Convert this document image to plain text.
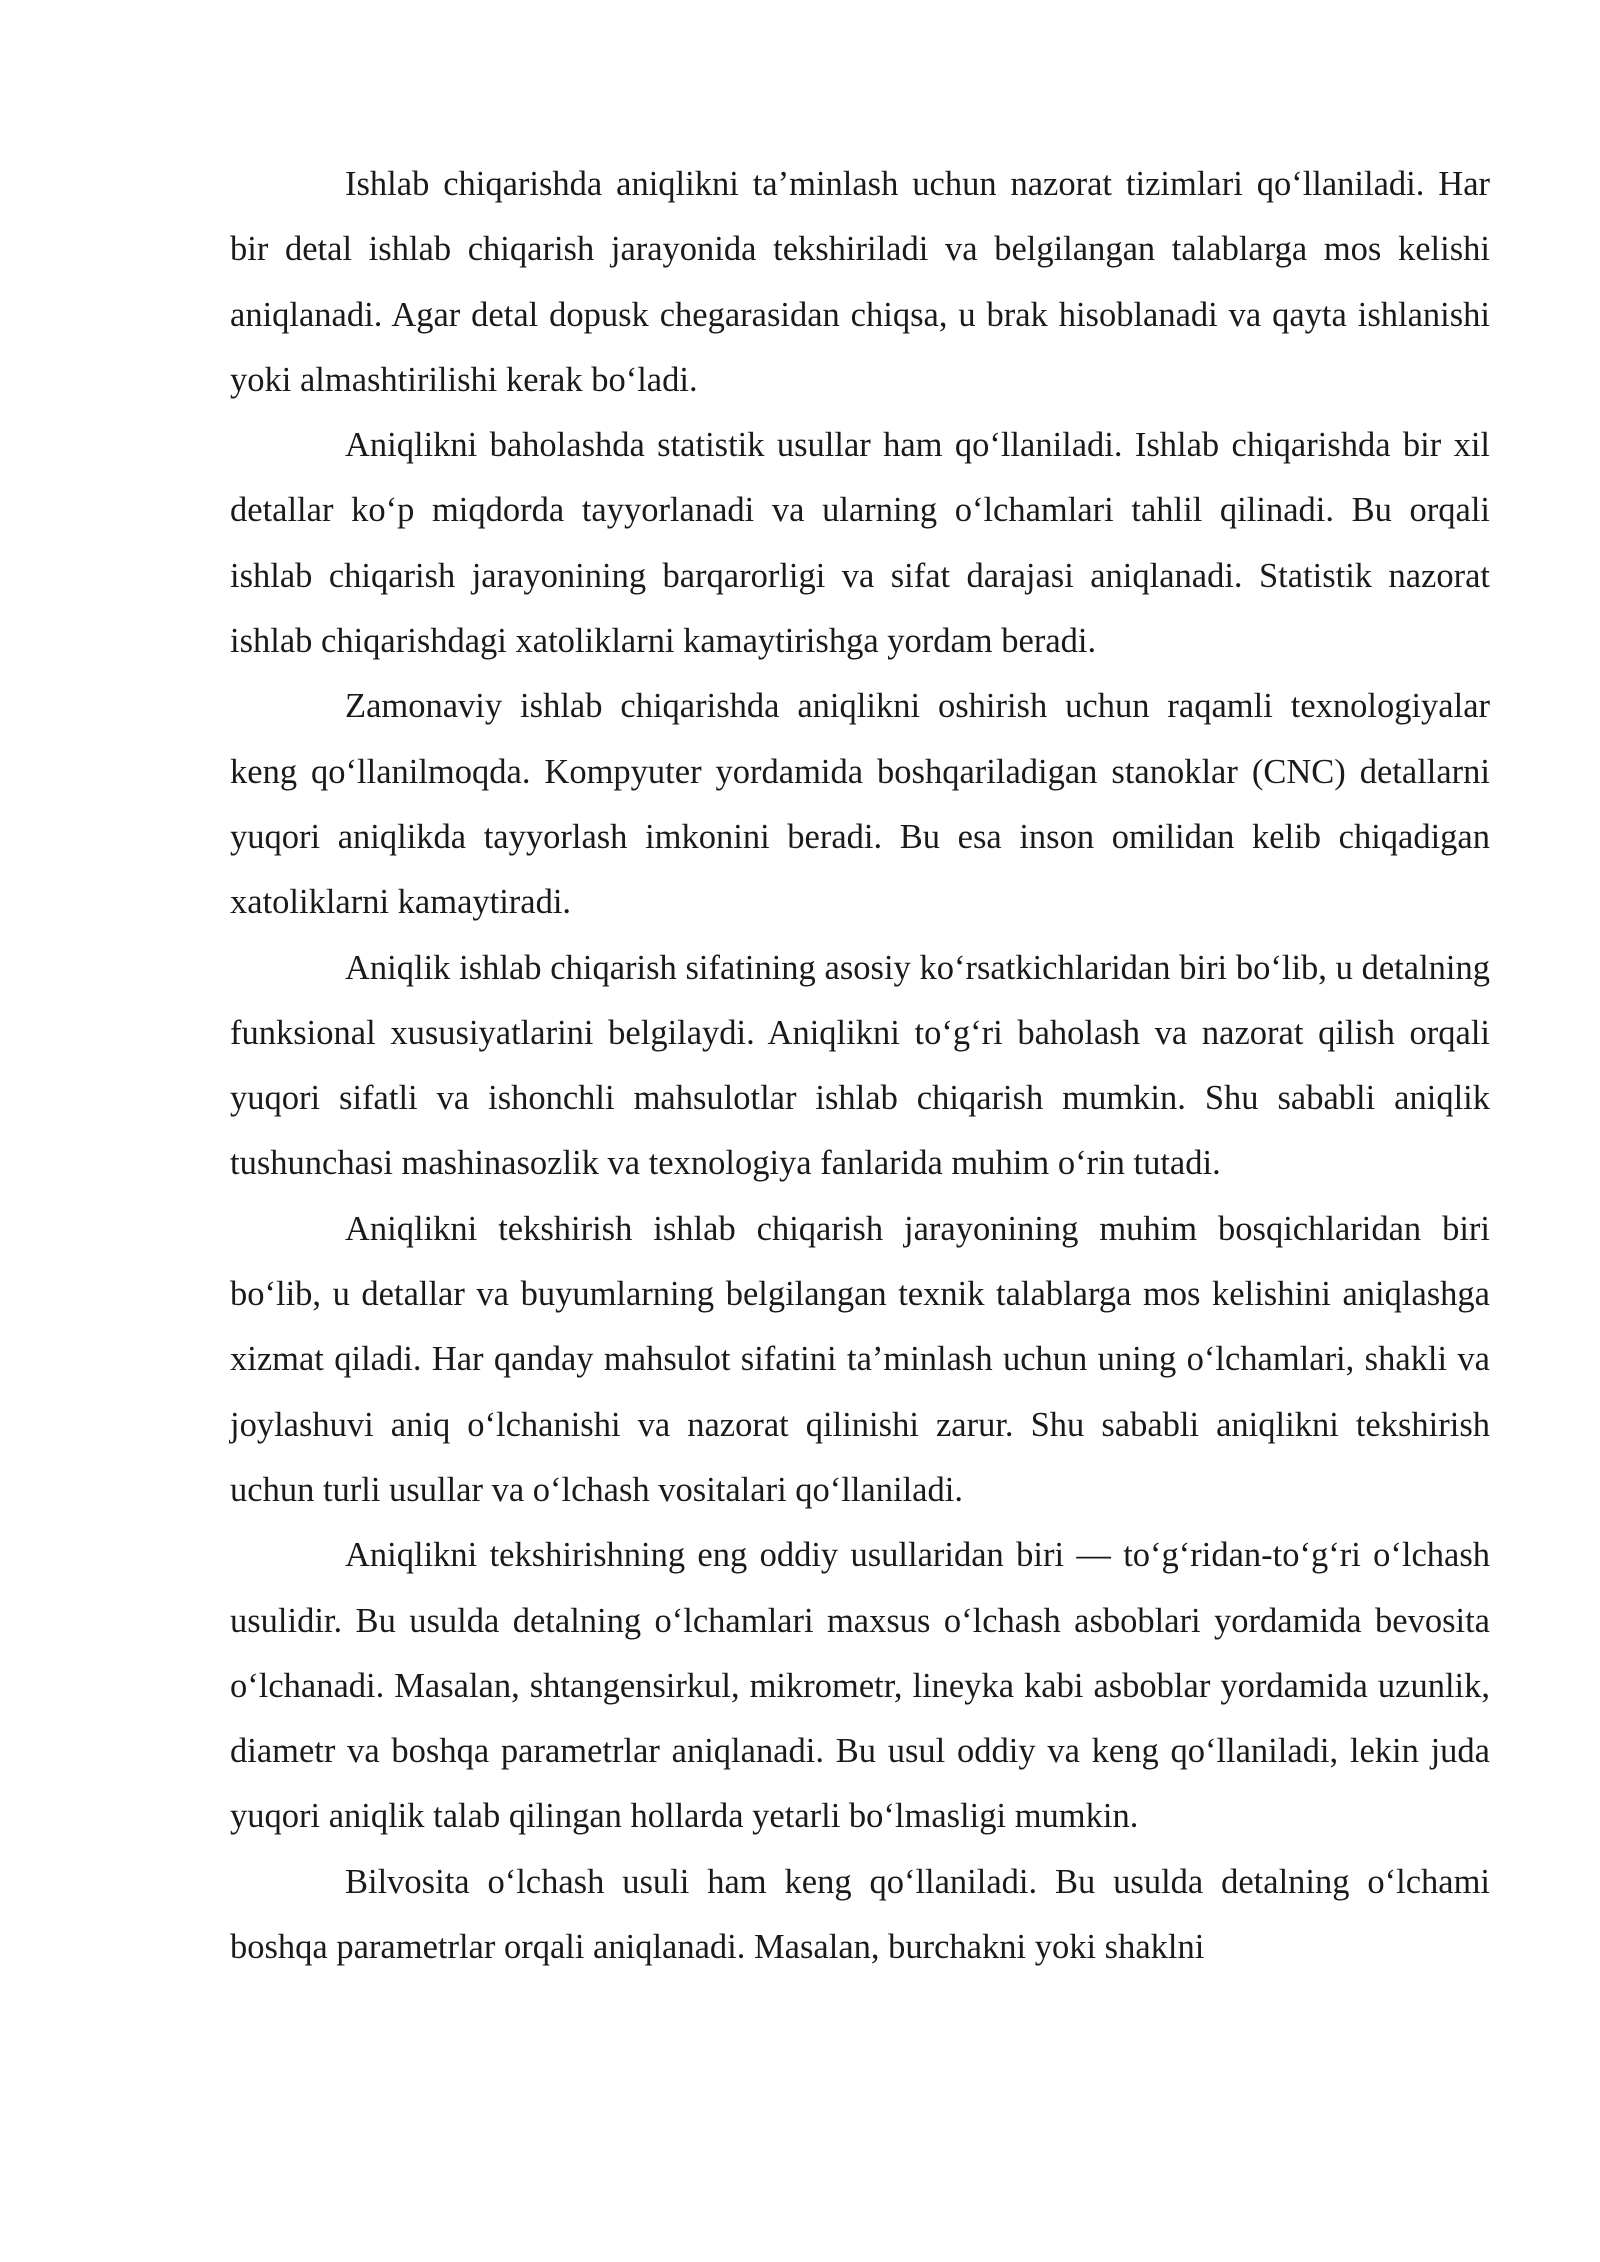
Ishlab chiqarishda aniqlikni ta’minlash uchun nazorat tizimlari qo‘llaniladi. Har bir detal ishlab chiqarish jarayonida tekshiriladi va belgilangan talablarga mos kelishi aniqlanadi. Agar detal dopusk chegarasidan chiqsa, u brak hisoblanadi va qayta ishlanishi yoki almashtirilishi kerak bo‘ladi.

Aniqlikni baholashda statistik usullar ham qo‘llaniladi. Ishlab chiqarishda bir xil detallar ko‘p miqdorda tayyorlanadi va ularning o‘lchamlari tahlil qilinadi. Bu orqali ishlab chiqarish jarayonining barqarorligi va sifat darajasi aniqlanadi. Statistik nazorat ishlab chiqarishdagi xatoliklarni kamaytirishga yordam beradi.

Zamonaviy ishlab chiqarishda aniqlikni oshirish uchun raqamli texnologiyalar keng qo‘llanilmoqda. Kompyuter yordamida boshqariladigan stanoklar (CNC) detallarni yuqori aniqlikda tayyorlash imkonini beradi. Bu esa inson omilidan kelib chiqadigan xatoliklarni kamaytiradi.

Aniqlik ishlab chiqarish sifatining asosiy ko‘rsatkichlaridan biri bo‘lib, u detalning funksional xususiyatlarini belgilaydi. Aniqlikni to‘g‘ri baholash va nazorat qilish orqali yuqori sifatli va ishonchli mahsulotlar ishlab chiqarish mumkin. Shu sababli aniqlik tushunchasi mashinasozlik va texnologiya fanlarida muhim o‘rin tutadi.

Aniqlikni tekshirish ishlab chiqarish jarayonining muhim bosqichlaridan biri bo‘lib, u detallar va buyumlarning belgilangan texnik talablarga mos kelishini aniqlashga xizmat qiladi. Har qanday mahsulot sifatini ta’minlash uchun uning o‘lchamlari, shakli va joylashuvi aniq o‘lchanishi va nazorat qilinishi zarur. Shu sababli aniqlikni tekshirish uchun turli usullar va o‘lchash vositalari qo‘llaniladi.

Aniqlikni tekshirishning eng oddiy usullaridan biri — to‘g‘ridan-to‘g‘ri o‘lchash usulidir. Bu usulda detalning o‘lchamlari maxsus o‘lchash asboblari yordamida bevosita o‘lchanadi. Masalan, shtangensirkul, mikrometr, lineyka kabi asboblar yordamida uzunlik, diametr va boshqa parametrlar aniqlanadi. Bu usul oddiy va keng qo‘llaniladi, lekin juda yuqori aniqlik talab qilingan hollarda yetarli bo‘lmasligi mumkin.

Bilvosita o‘lchash usuli ham keng qo‘llaniladi. Bu usulda detalning o‘lchami boshqa parametrlar orqali aniqlanadi. Masalan, burchakni yoki shaklni
